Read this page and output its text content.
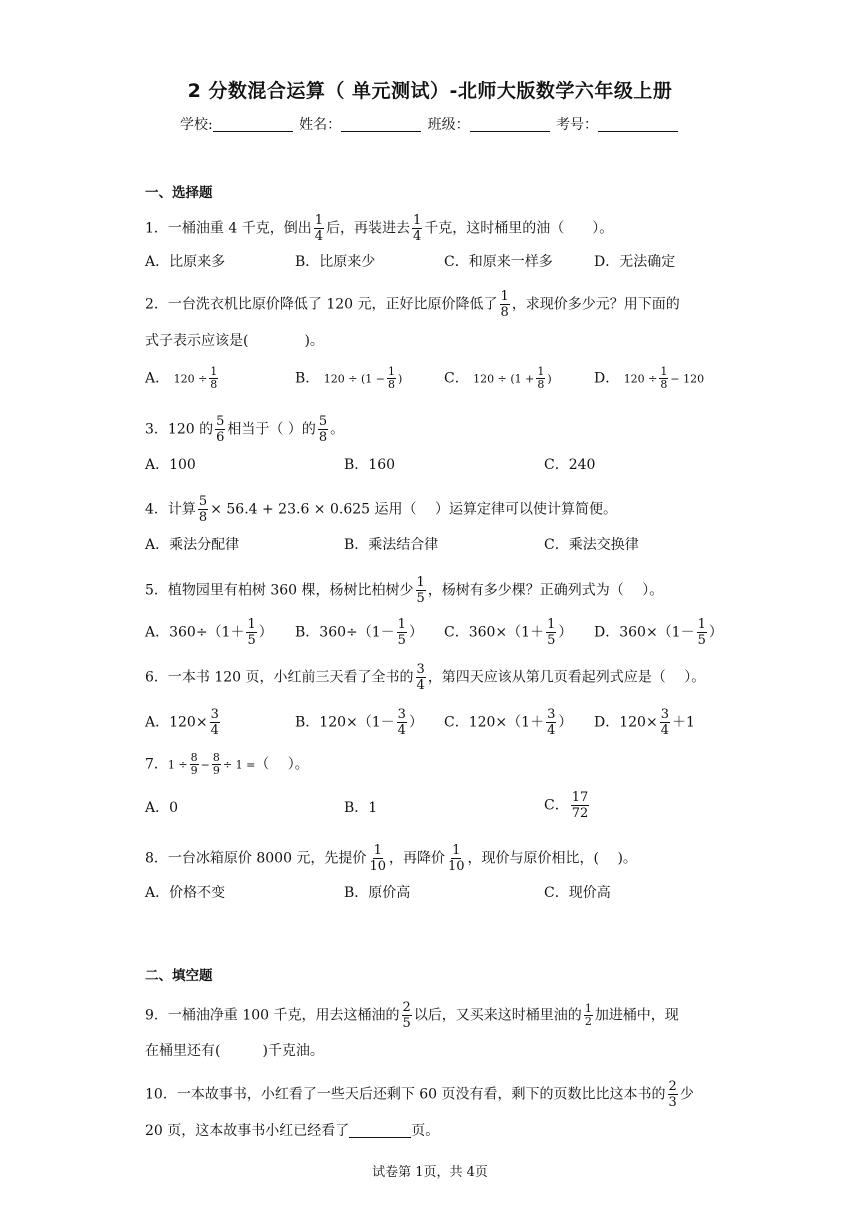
2 分数混合运算（ 单元测试）-北师大版数学六年级上册
学校:	姓名：	班级：	考号：
一、选择题
1．一桶油重 4 千克，倒出 $\frac{1}{4}$ 后，再装进去 $\frac{1}{4}$ 千克，这时桶里的油（　　）。
A．比原来多	B．比原来少	C．和原来一样多	D．无法确定
2．一台洗衣机比原价降低了 120 元，正好比原价降低了 $\frac{1}{8}$ ，求现价多少元？用下面的
式子表示应该是(　　　　)。
A． $120 \div \frac{1}{8}$	B． $120 \div (1 - \frac{1}{8}$ )	C． $120 \div (1 + \frac{1}{8}$ )	D． $120 \div \frac{1}{8} - 120$
3．120 的 $\frac{5}{6}$ 相当于（ ）的 $\frac{5}{8}$ 。
A．100	B．160	C．240
4．计算 $\frac{5}{8} \times 56.4 + 23.6 \times 0.625$ 运用（　 ）运算定律可以使计算简便。
A．乘法分配律	B．乘法结合律	C．乘法交换律
5．植物园里有柏树 360 棵，杨树比柏树少 $\frac{1}{5}$ ，杨树有多少棵？正确列式为（　 ）。
A．$360\div(1+ \frac{1}{5}$ ） B．$360\div(1- \frac{1}{5}$ ） C．$360\times(1+ \frac{1}{5}$ ） D．$360\times(1- \frac{1}{5}$ ）
6．一本书 120 页，小红前三天看了全书的 $\frac{3}{4}$ ，第四天应该从第几页看起列式应是（　 ）。
A．$120\times \frac{3}{4}$	B．$120\times(1- \frac{3}{4}$ ） C．$120\times(1+ \frac{3}{4}$ ） D．$120\times \frac{3}{4} +1$
7．$1 \div \frac{8}{9} - \frac{8}{9} \div 1$ =（　 ）。
A．0	B．1	C． $\frac{17}{72}$
8．一台冰箱原价 8000 元，先提价 $\frac{1}{10}$ ，再降价 $\frac{1}{10}$ ，现价与原价相比，(　 )。
A．价格不变	B．原价高	C．现价高
二、填空题
9．一桶油净重 100 千克，用去这桶油的 $\frac{2}{5}$ 以后，又买来这时桶里油的 $\frac{1}{2}$ 加进桶中，现
在桶里还有(　　　)千克油。
10．一本故事书，小红看了一些天后还剩下 60 页没有看，剩下的页数比比这本书的 $\frac{2}{3}$ 少
20 页，这本故事书小红已经看了	页。
试卷第 1页，共 4页
